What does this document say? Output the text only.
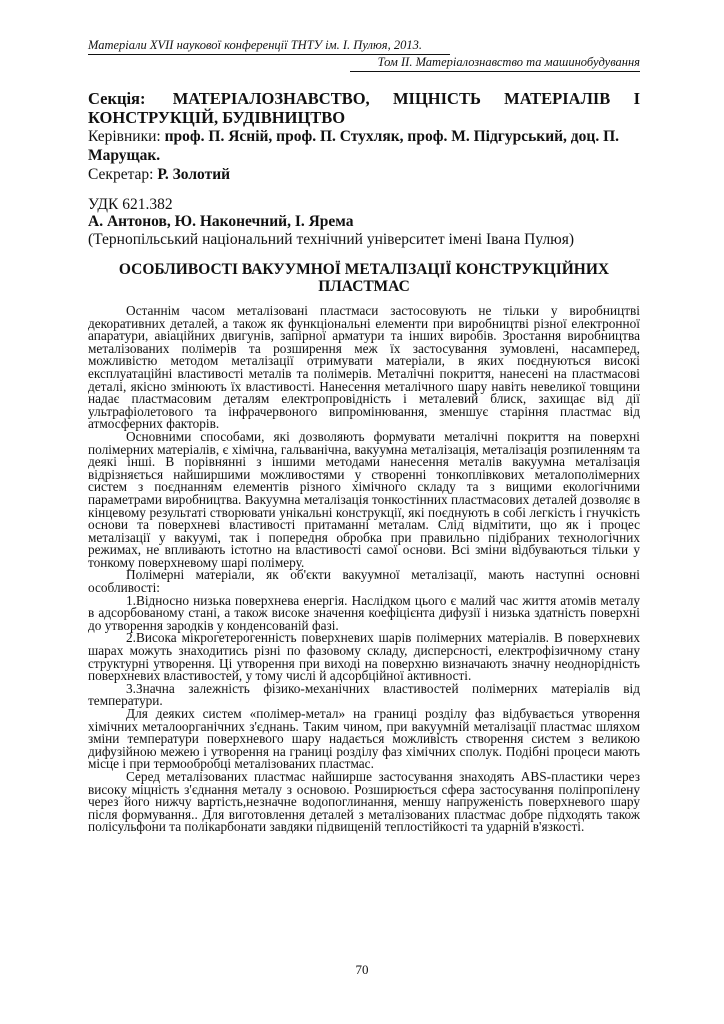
Матеріали XVII наукової конференції ТНТУ ім. І. Пулюя, 2013.
Том ІІ. Матеріалознавство та машинобудування
Секція: МАТЕРІАЛОЗНАВСТВО, МІЦНІСТЬ МАТЕРІАЛІВ І КОНСТРУКЦІЙ, БУДІВНИЦТВО
Керівники: проф. П. Ясній, проф. П. Стухляк, проф. М. Підгурський, доц. П. Марущак.
Секретар: Р. Золотий
УДК 621.382
А. Антонов, Ю. Наконечний, І. Ярема
(Тернопільський національний технічний університет імені Івана Пулюя)
ОСОБЛИВОСТІ ВАКУУМНОЇ МЕТАЛІЗАЦІЇ КОНСТРУКЦІЙНИХ ПЛАСТМАС

Останнім часом металізовані пластмаси застосовують не тільки у виробництві декоративних деталей, а також як функціональні елементи при виробництві різної електронної апаратури, авіаційних двигунів, запірної арматури та інших виробів. Зростання виробництва металізованих полімерів та розширення меж їх застосування зумовлені, насамперед, можливістю методом металізації отримувати матеріали, в яких поєднуються високі експлуатаційні властивості металів та полімерів. Металічні покриття, нанесені на пластмасові деталі, якісно змінюють їх властивості. Нанесення металічного шару навіть невеликої товщини надає пластмасовим деталям електропровідність і металевий блиск, захищає від дії ультрафіолетового та інфрачервоного випромінювання, зменшує старіння пластмас від атмосферних факторів.

Основними способами, які дозволяють формувати металічні покриття на поверхні полімерних матеріалів, є хімічна, гальванічна, вакуумна металізація, металізація розпиленням та деякі інші. В порівнянні з іншими методами нанесення металів вакуумна металізація відрізняється найширшими можливостями у створенні тонкоплівкових металополімерних систем з поєднанням елементів різного хімічного складу та з вищими екологічними параметрами виробництва. Вакуумна металізація тонкостінних пластмасових деталей дозволяє в кінцевому результаті створювати унікальні конструкції, які поєднують в собі легкість і гнучкість основи та поверхневі властивості притаманні металам. Слід відмітити, що як і процес металізації у вакуумі, так і попередня обробка при правильно підібраних технологічних режимах, не впливають істотно на властивості самої основи. Всі зміни відбуваються тільки у тонкому поверхневому шарі полімеру.

Полімерні матеріали, як об'єкти вакуумної металізації, мають наступні основні особливості:

1.Відносно низька поверхнева енергія. Наслідком цього є малий час життя атомів металу в адсорбованому стані, а також високе значення коефіцієнта дифузії і низька здатність поверхні до утворення зародків у конденсованій фазі.

2.Висока мікрогетерогенність поверхневих шарів полімерних матеріалів. В поверхневих шарах можуть знаходитись різні по фазовому складу, дисперсності, електрофізичному стану структурні утворення. Ці утворення при виході на поверхню визначають значну неоднорідність поверхневих властивостей, у тому числі й адсорбційної активності.

3.Значна залежність фізико-механічних властивостей полімерних матеріалів від температури.

Для деяких систем «полімер-метал» на границі розділу фаз відбувається утворення хімічних металоорганічних з'єднань. Таким чином, при вакуумній металізації пластмас шляхом зміни температури поверхневого шару надається можливість створення систем з великою дифузійною межею і утворення на границі розділу фаз хімічних сполук. Подібні процеси мають місце і при термообробці металізованих пластмас.

Серед металізованих пластмас найширше застосування знаходять ABS-пластики через високу міцність з'єднання металу з основою. Розширюється сфера застосування поліпропілену через його нижчу вартість,незначне водопоглинання, меншу напруженість поверхневого шару після формування.. Для виготовлення деталей з металізованих пластмас добре підходять також полісульфони та полікарбонати завдяки підвищеній теплостійкості та ударній в'язкості.

70
